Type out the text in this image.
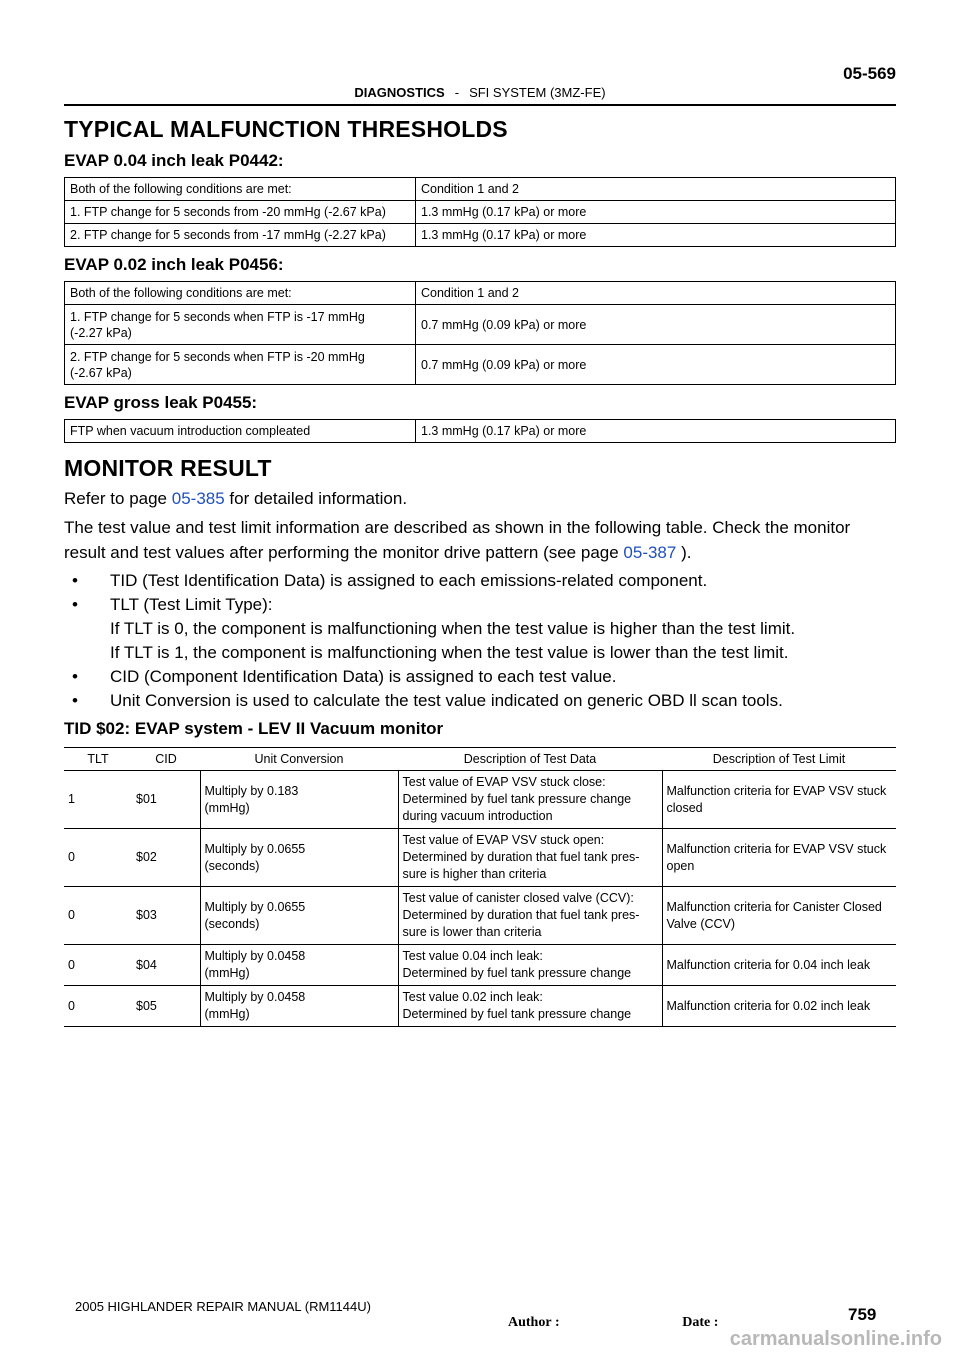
05-569
DIAGNOSTICS - SFI SYSTEM (3MZ-FE)
TYPICAL MALFUNCTION THRESHOLDS
EVAP 0.04 inch leak P0442:
Both of the following conditions are met:	Condition 1 and 2
1. FTP change for 5 seconds from -20 mmHg (-2.67 kPa)	1.3 mmHg (0.17 kPa) or more
2. FTP change for 5 seconds from -17 mmHg (-2.27 kPa)	1.3 mmHg (0.17 kPa) or more
EVAP 0.02 inch leak P0456:
Both of the following conditions are met:	Condition 1 and 2
1. FTP change for 5 seconds when FTP is -17 mmHg
(-2.27 kPa)	0.7 mmHg (0.09 kPa) or more
2. FTP change for 5 seconds when FTP is -20 mmHg
(-2.67 kPa)	0.7 mmHg (0.09 kPa) or more
EVAP gross leak P0455:
FTP when vacuum introduction compleated	1.3 mmHg (0.17 kPa) or more
MONITOR RESULT

Refer to page 05-385 for detailed information.

The test value and test limit information are described as shown in the following table. Check the monitor result and test values after performing the monitor drive pattern (see page 05-387 ).

• TID (Test Identification Data) is assigned to each emissions-related component.
• TLT (Test Limit Type):
If TLT is 0, the component is malfunctioning when the test value is higher than the test limit.
If TLT is 1, the component is malfunctioning when the test value is lower than the test limit.
• CID (Component Identification Data) is assigned to each test value.
• Unit Conversion is used to calculate the test value indicated on generic OBD ll scan tools.
TID $02: EVAP system - LEV II Vacuum monitor
TLT	CID	Unit Conversion	Description of Test Data	Description of Test Limit
1	$01	Multiply by 0.183
(mmHg)	Test value of EVAP VSV stuck close:
Determined by fuel tank pressure change
during vacuum introduction	Malfunction criteria for EVAP VSV stuck
closed
0	$02	Multiply by 0.0655
(seconds)	Test value of EVAP VSV stuck open:
Determined by duration that fuel tank pres-
sure is higher than criteria	Malfunction criteria for EVAP VSV stuck
open
0	$03	Multiply by 0.0655
(seconds)	Test value of canister closed valve (CCV):
Determined by duration that fuel tank pres-
sure is lower than criteria	Malfunction criteria for Canister Closed
Valve (CCV)
0	$04	Multiply by 0.0458
(mmHg)	Test value 0.04 inch leak:
Determined by fuel tank pressure change	Malfunction criteria for 0.04 inch leak
0	$05	Multiply by 0.0458
(mmHg)	Test value 0.02 inch leak:
Determined by fuel tank pressure change	Malfunction criteria for 0.02 inch leak
2005 HIGHLANDER REPAIR MANUAL (RM1144U)	759
Author :                                   Date :
carmanualsonline.info
